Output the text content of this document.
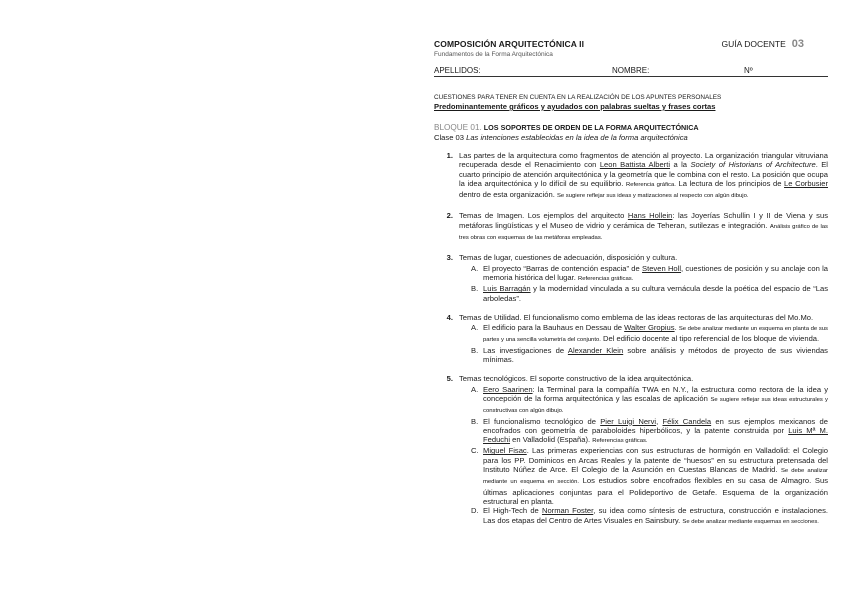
COMPOSICIÓN ARQUITECTÓNICA II	GUÍA DOCENTE 03
Fundamentos de la Forma Arquitectónica
APELLIDOS:	NOMBRE:	Nº
CUESTIONES PARA TENER EN CUENTA EN LA REALIZACIÓN DE LOS APUNTES PERSONALES
Predominantemente gráficos y ayudados con palabras sueltas y frases cortas
BLOQUE 01. LOS SOPORTES DE ORDEN DE LA FORMA ARQUITECTÓNICA
Clase 03 Las intenciones establecidas en la idea de la forma arquitectónica
1. Las partes de la arquitectura como fragmentos de atención al proyecto. La organización triangular vitruviana recuperada desde el Renacimiento con Leon Battista Alberti a la Society of Historians of Architecture. El cuarto principio de atención arquitectónica y la geometría que le combina con el resto. La posición que ocupa la idea arquitectónica y lo difícil de su equilibrio. Referencia gráfica. La lectura de los principios de Le Corbusier dentro de esta organización. Se sugiere reflejar sus ideas y matizaciones al respecto con algún dibujo.
2. Temas de Imagen. Los ejemplos del arquitecto Hans Hollein: las Joyerías Schullin I y II de Viena y sus metáforas lingüísticas y el Museo de vidrio y cerámica de Teheran, sutilezas e integración. Análisis gráfico de las tres obras con esquemas de las metáforas empleadas.
3. Temas de lugar, cuestiones de adecuación, disposición y cultura.
A. El proyecto “Barras de contención espacia” de Steven Holl, cuestiones de posición y su anclaje con la memoria histórica del lugar. Referencias gráficas.
B. Luis Barragán y la modernidad vinculada a su cultura vernácula desde la poética del espacio de “Las arboledas”.
4. Temas de Utilidad. El funcionalismo como emblema de las ideas rectoras de las arquitecturas del Mo.Mo.
A. El edificio para la Bauhaus en Dessau de Walter Gropius. Se debe analizar mediante un esquema en planta de sus partes y una sencilla volumetría del conjunto. Del edificio docente al tipo referencial de los bloque de vivienda.
B. Las investigaciones de Alexander Klein sobre análisis y métodos de proyecto de sus viviendas mínimas.
5. Temas tecnológicos. El soporte constructivo de la idea arquitectónica.
A. Eero Saarinen: la Terminal para la compañía TWA en N.Y., la estructura como rectora de la idea y concepción de la forma arquitectónica y las escalas de aplicación Se sugiere reflejar sus ideas estructurales y constructivas con algún dibujo.
B. El funcionalismo tecnológico de Pier Luigi Nervi, Félix Candela en sus ejemplos mexicanos de encofrados con geometría de paraboloides hiperbólicos, y la patente construida por Luis Mª M. Feduchi en Valladolid (España). Referencias gráficas.
C. Miguel Fisac. Las primeras experiencias con sus estructuras de hormigón en Valladolid: el Colegio para los PP. Dominicos en Arcas Reales y la patente de “huesos” en su estructura pretensada del Instituto Núñez de Arce. El Colegio de la Asunción en Cuestas Blancas de Madrid. Se debe analizar mediante un esquema en sección. Los estudios sobre encofrados flexibles en su casa de Almagro. Sus últimas aplicaciones conjuntas para el Polideportivo de Getafe. Esquema de la organización estructural en planta.
D. El High-Tech de Norman Foster, su idea como síntesis de estructura, construcción e instalaciones. Las dos etapas del Centro de Artes Visuales en Sainsbury. Se debe analizar mediante esquemas en secciones.
